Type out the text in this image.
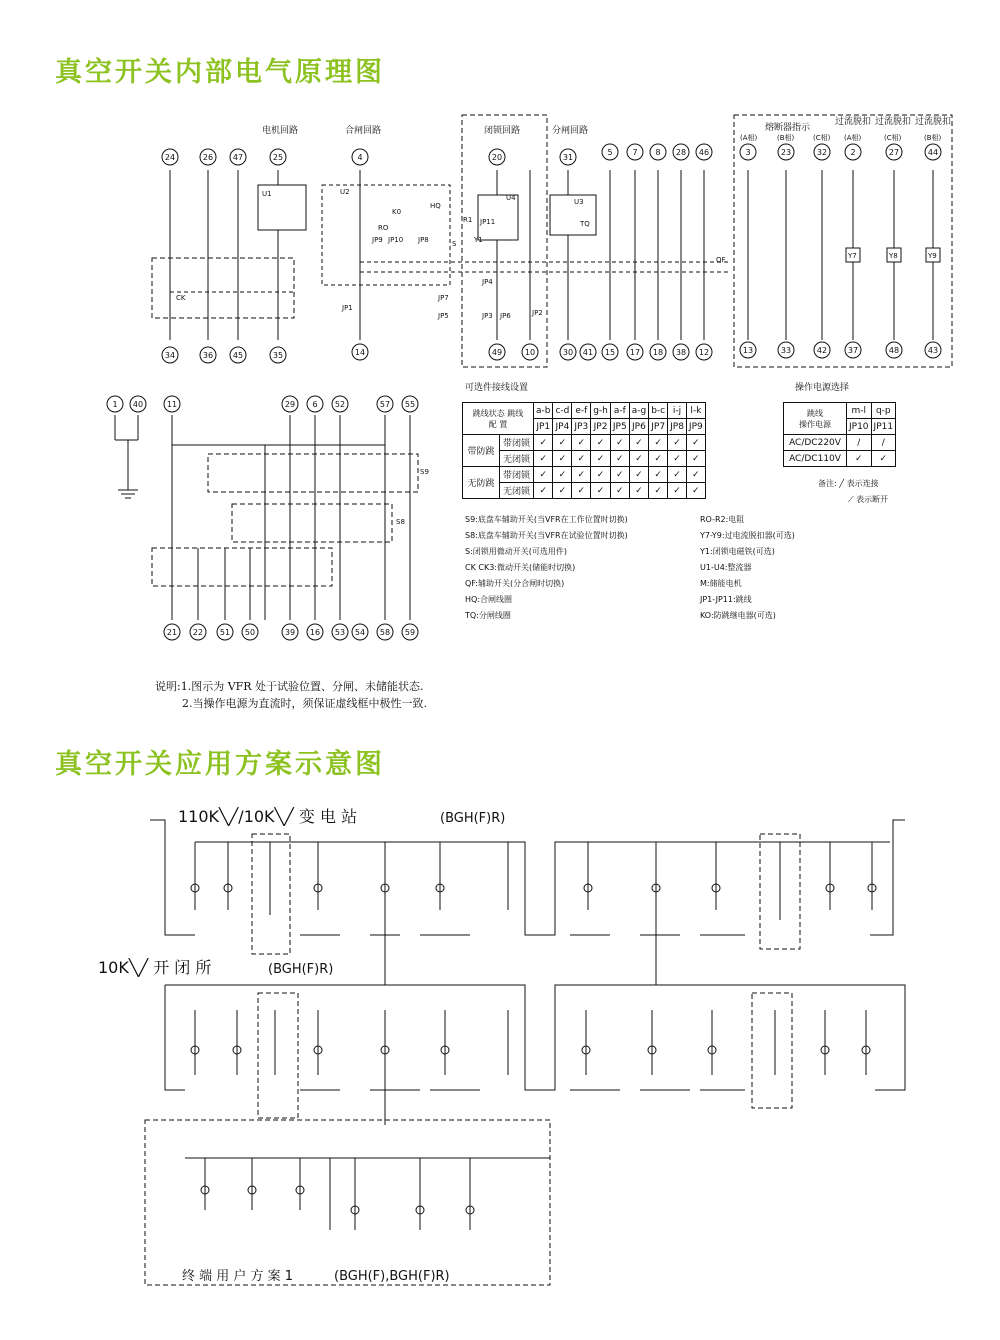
真空开关内部电气原理图
真空开关应用方案示意图
24	26 47	25	4	20	31
5 7 8 28 46	3	23	32	2	27	44
34	36 45	35	14	49	10	30 41 15 17 18 38 12	13	33	42	37	48	43
1 40	11	29 6 52	57 55
21 22 51 50	39 16 53 54 58 59
电机回路	合闸回路	闭锁回路	分闸回路	熔断器指示
过流脱扣 过流脱扣 过流脱扣
(A相)	(B相)	(C相) (A相)	(C相)	(B相)
U1	U2
U3
U4
K0
HQ
TQ
RO
R1 JP11
Y1
JP9 JP10 JP8	S
Y7	Y8	Y9
QF
CK
S8
S9
JP1
JP2
JP3
JP4
JP5	JP6
JP7
可选件接线设置
跳线状态 跳线
配 置		a-b	c-d	e-f	g-h	a-f	a-g	b-c	i-j	l-k
		JP1	JP4	JP3	JP2	JP5	JP6	JP7	JP8	JP9
带防跳	带闭锁	✓	✓	✓	✓	✓	✓	✓	✓	✓
	无闭锁	✓	✓	✓	✓	✓	✓	✓	✓	✓
无防跳	带闭锁	✓	✓	✓	✓	✓	✓	✓	✓	✓
	无闭锁	✓	✓	✓	✓	✓	✓	✓	✓	✓
操作电源选择
跳线
操作电源	m-l	q-p
	JP10	JP11
AC/DC220V	/	/
AC/DC110V	✓	✓
备注: ╱ 表示连接
⟋ 表示断开
S9:底盘车辅助开关(当VFR在工作位置时切换)
S8:底盘车辅助开关(当VFR在试验位置时切换)
S:闭锁用微动开关(可选用件)
CK CK3:微动开关(储能时切换)
QF:辅助开关(分合闸时切换)
HQ:合闸线圈
TQ:分闸线圈
RO-R2:电阻
Y7-Y9:过电流脱扣器(可选)
Y1:闭锁电磁铁(可选)
U1-U4:整流器
M:储能电机
JP1-JP11:跳线
KO:防跳继电器(可选)
说明:1.图示为 VFR 处于试验位置、分闸、未储能状态.
2.当操作电源为直流时，须保证虚线框中极性一致.
110K╲╱/10K╲╱ 变 电 站	(BGH(F)R)
10K╲╱ 开 闭 所	(BGH(F)R)
终 端 用 户 方 案 1	(BGH(F),BGH(F)R)
